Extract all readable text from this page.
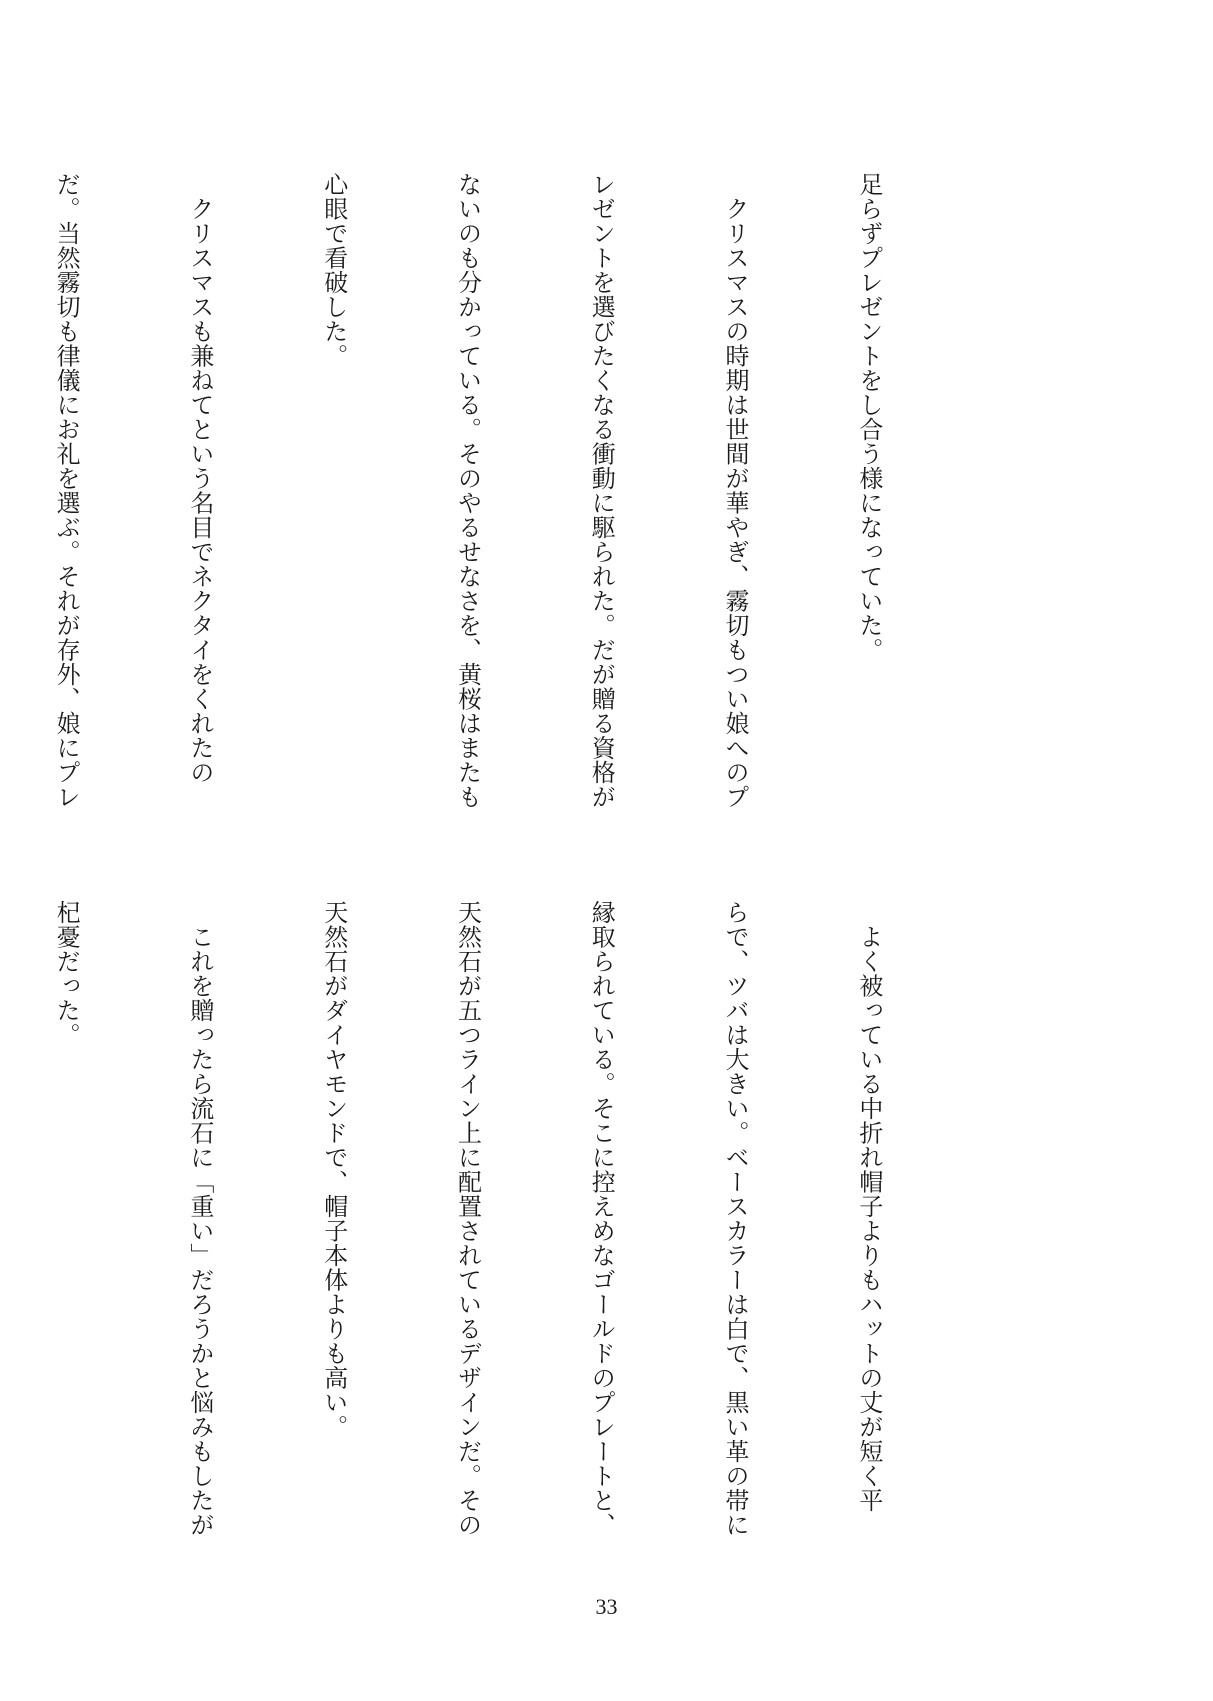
足らずプレゼントをし合う様になっていた。

　クリスマスの時期は世間が華やぎ、霧切もつい娘へのプ

レゼントを選びたくなる衝動に駆られた。だが贈る資格が

ないのも分かっている。そのやるせなさを、黄桜はまたも

心眼で看破した。

　クリスマスも兼ねてという名目でネクタイをくれたの

だ。当然霧切も律儀にお礼を選ぶ。それが存外、娘にプレ

　よく被っている中折れ帽子よりもハットの丈が短く平

らで、ツバは大きい。ベースカラーは白で、黒い革の帯に

縁取られている。そこに控えめなゴールドのプレートと、

天然石が五つライン上に配置されているデザインだ。その

天然石がダイヤモンドで、帽子本体よりも高い。

　これを贈ったら流石に「重い」だろうかと悩みもしたが

杞憂だった。

33
